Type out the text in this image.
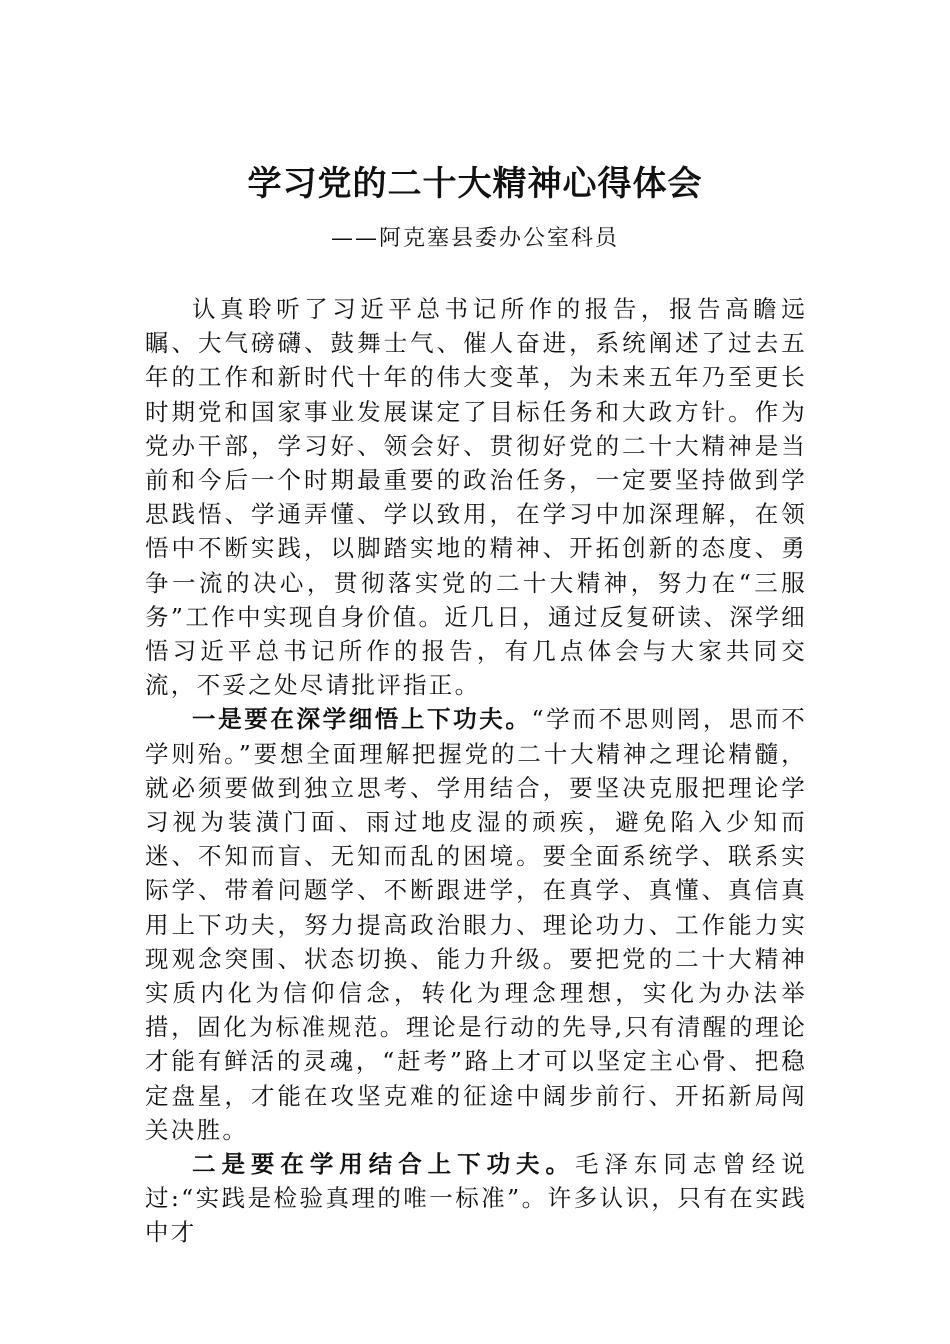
学习党的二十大精神心得体会
——阿克塞县委办公室科员

认真聆听了习近平总书记所作的报告，报告高瞻远瞩、大气磅礴、鼓舞士气、催人奋进，系统阐述了过去五年的工作和新时代十年的伟大变革，为未来五年乃至更长时期党和国家事业发展谋定了目标任务和大政方针。作为党办干部，学习好、领会好、贯彻好党的二十大精神是当前和今后一个时期最重要的政治任务，一定要坚持做到学思践悟、学通弄懂、学以致用，在学习中加深理解，在领悟中不断实践，以脚踏实地的精神、开拓创新的态度、勇争一流的决心，贯彻落实党的二十大精神，努力在“三服务”工作中实现自身价值。近几日，通过反复研读、深学细悟习近平总书记所作的报告，有几点体会与大家共同交流，不妥之处尽请批评指正。

一是要在深学细悟上下功夫。“学而不思则罔，思而不学则殆。”要想全面理解把握党的二十大精神之理论精髓，就必须要做到独立思考、学用结合，要坚决克服把理论学习视为装潢门面、雨过地皮湿的顽疾，避免陷入少知而迷、不知而盲、无知而乱的困境。要全面系统学、联系实际学、带着问题学、不断跟进学，在真学、真懂、真信真用上下功夫，努力提高政治眼力、理论功力、工作能力实现观念突围、状态切换、能力升级。要把党的二十大精神实质内化为信仰信念，转化为理念理想，实化为办法举措，固化为标准规范。理论是行动的先导,只有清醒的理论才能有鲜活的灵魂，“赶考”路上才可以坚定主心骨、把稳定盘星，才能在攻坚克难的征途中阔步前行、开拓新局闯关决胜。

二是要在学用结合上下功夫。毛泽东同志曾经说过:“实践是检验真理的唯一标准”。许多认识，只有在实践中才
